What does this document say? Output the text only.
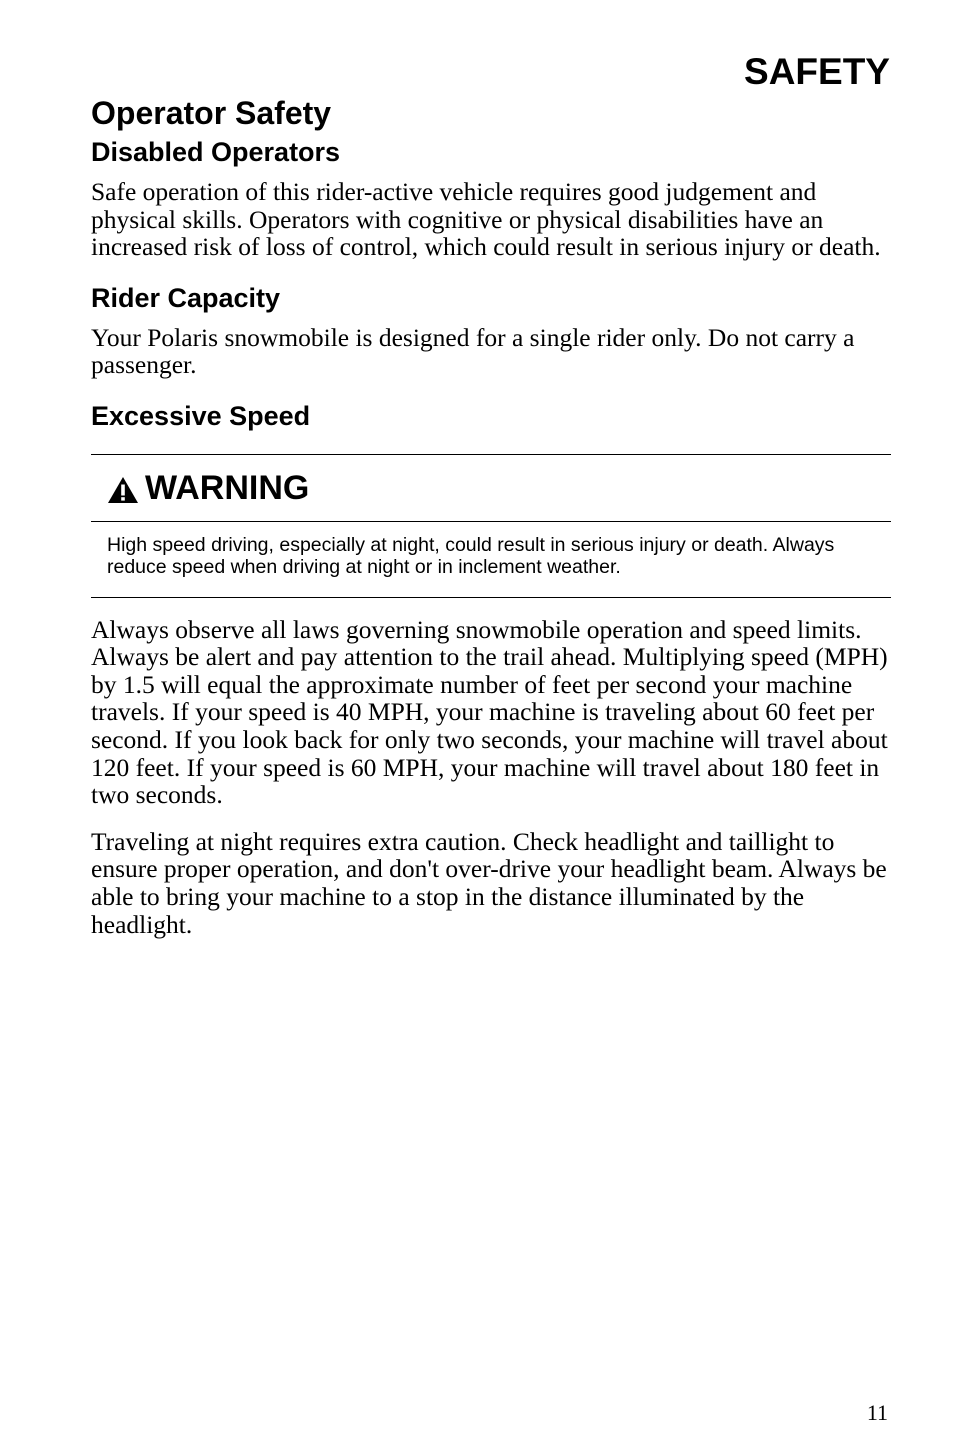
SAFETY
Operator Safety
Disabled Operators

Safe operation of this rider-active vehicle requires good judgement and physical skills. Operators with cognitive or physical disabilities have an increased risk of loss of control, which could result in serious injury or death.

Rider Capacity

Your Polaris snowmobile is designed for a single rider only. Do not carry a passenger.

Excessive Speed
WARNING
High speed driving, especially at night, could result in serious injury or death. Always reduce speed when driving at night or in inclement weather.

Always observe all laws governing snowmobile operation and speed limits. Always be alert and pay attention to the trail ahead. Multiplying speed (MPH) by 1.5 will equal the approximate number of feet per second your machine travels. If your speed is 40 MPH, your machine is traveling about 60 feet per second. If you look back for only two seconds, your machine will travel about 120 feet. If your speed is 60 MPH, your machine will travel about 180 feet in two seconds.

Traveling at night requires extra caution. Check headlight and taillight to ensure proper operation, and don't over-drive your headlight beam. Always be able to bring your machine to a stop in the distance illuminated by the headlight.

11
